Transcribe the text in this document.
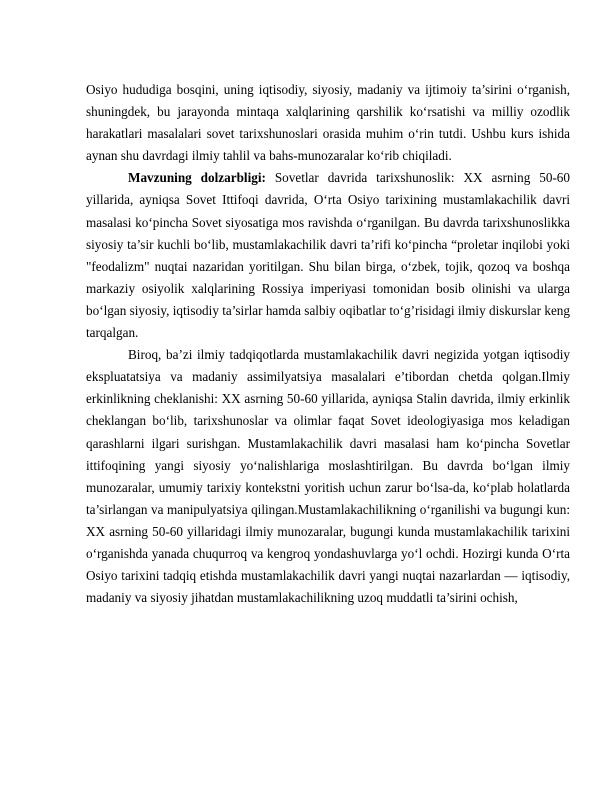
Osiyo hududiga bosqini, uning iqtisodiy, siyosiy, madaniy va ijtimoiy ta’sirini o‘rganish, shuningdek, bu jarayonda mintaqa xalqlarining qarshilik ko‘rsatishi va milliy ozodlik harakatlari masalalari sovet tarixshunoslari orasida muhim o‘rin tutdi. Ushbu kurs ishida aynan shu davrdagi ilmiy tahlil va bahs-munozaralar ko‘rib chiqiladi.

Mavzuning dolzarbligi: Sovetlar davrida tarixshunoslik: XX asrning 50-60 yillarida, ayniqsa Sovet Ittifoqi davrida, O‘rta Osiyo tarixining mustamlakachilik davri masalasi ko‘pincha Sovet siyosatiga mos ravishda o‘rganilgan. Bu davrda tarixshunoslikka siyosiy ta’sir kuchli bo‘lib, mustamlakachilik davri ta’rifi ko‘pincha “proletar inqilobi yoki "feodalizm" nuqtai nazaridan yoritilgan. Shu bilan birga, o‘zbek, tojik, qozoq va boshqa markaziy osiyolik xalqlarining Rossiya imperiyasi tomonidan bosib olinishi va ularga bo‘lgan siyosiy, iqtisodiy ta’sirlar hamda salbiy oqibatlar to‘g’risidagi ilmiy diskurslar keng tarqalgan.

Biroq, ba’zi ilmiy tadqiqotlarda mustamlakachilik davri negizida yotgan iqtisodiy ekspluatatsiya va madaniy assimilyatsiya masalalari e’tibordan chetda qolgan.Ilmiy erkinlikning cheklanishi: XX asrning 50-60 yillarida, ayniqsa Stalin davrida, ilmiy erkinlik cheklangan bo‘lib, tarixshunoslar va olimlar faqat Sovet ideologiyasiga mos keladigan qarashlarni ilgari surishgan. Mustamlakachilik davri masalasi ham ko‘pincha Sovetlar ittifoqining yangi siyosiy yo‘nalishlariga moslashtirilgan. Bu davrda bo‘lgan ilmiy munozaralar, umumiy tarixiy kontekstni yoritish uchun zarur bo‘lsa-da, ko‘plab holatlarda ta’sirlangan va manipulyatsiya qilingan.Mustamlakachilikning o‘rganilishi va bugungi kun: XX asrning 50-60 yillaridagi ilmiy munozaralar, bugungi kunda mustamlakachilik tarixini o‘rganishda yanada chuqurroq va kengroq yondashuvlarga yo‘l ochdi. Hozirgi kunda O‘rta Osiyo tarixini tadqiq etishda mustamlakachilik davri yangi nuqtai nazarlardan — iqtisodiy, madaniy va siyosiy jihatdan mustamlakachilikning uzoq muddatli ta’sirini ochish,
